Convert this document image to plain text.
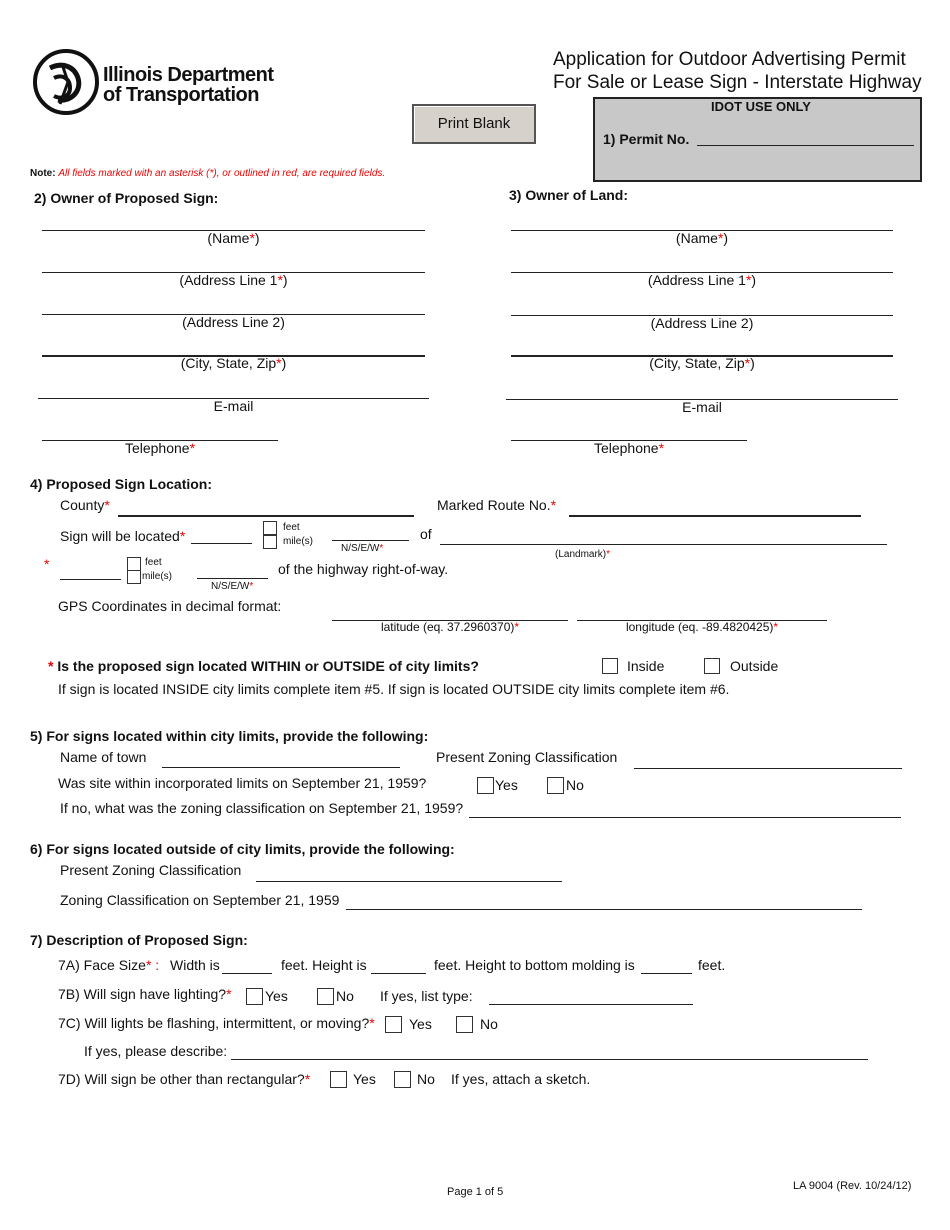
Illinois Department
of Transportation
Application for Outdoor Advertising Permit
For Sale or Lease Sign - Interstate Highway
Print Blank
IDOT USE ONLY
1) Permit No.
Note: All fields marked with an asterisk (*), or outlined in red, are required fields.
2) Owner of Proposed Sign:
(Name*)
(Address Line 1*)
(Address Line 2)
(City, State, Zip*)
E-mail
Telephone*
3) Owner of Land:
(Name*)
(Address Line 1*)
(Address Line 2)
(City, State, Zip*)
E-mail
Telephone*
4) Proposed Sign Location:
County*	Marked Route No.*
Sign will be located*
feet
mile(s)
N/S/E/W*
of
(Landmark)*
*	feet
mile(s)
N/S/E/W*
of the highway right-of-way.
GPS Coordinates in decimal format:
latitude (eq. 37.2960370)*	longitude (eq. -89.4820425)*
* Is the proposed sign located WITHIN or OUTSIDE of city limits?	Inside	Outside
If sign is located INSIDE city limits complete item #5. If sign is located OUTSIDE city limits complete item #6.
5) For signs located within city limits, provide the following:
Name of town	Present Zoning Classification
Was site within incorporated limits on September 21, 1959?	Yes	No
If no, what was the zoning classification on September 21, 1959?
6) For signs located outside of city limits, provide the following:
Present Zoning Classification
Zoning Classification on September 21, 1959
7) Description of Proposed Sign:
7A) Face Size* : Width is	feet. Height is	feet. Height to bottom molding is	feet.
7B) Will sign have lighting?* Yes	No If yes, list type:
7C) Will lights be flashing, intermittent, or moving?* Yes	No
If yes, please describe:
7D) Will sign be other than rectangular?*	Yes	No If yes, attach a sketch.
Page 1 of 5	LA 9004 (Rev. 10/24/12)
